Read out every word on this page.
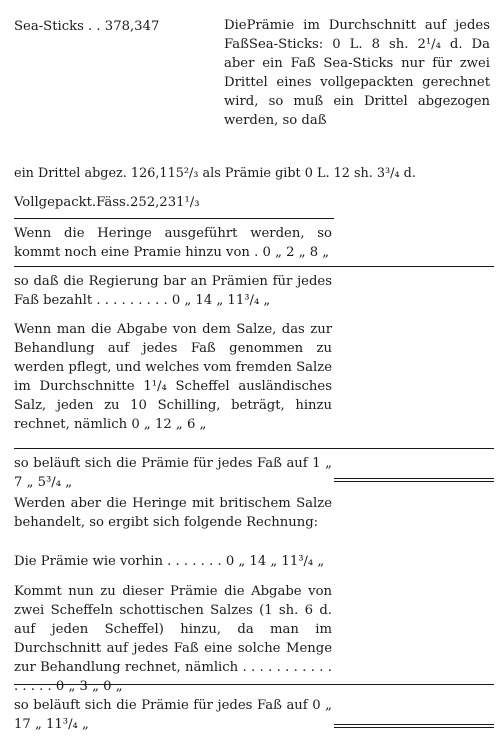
Sea-Sticks . . 378,347	DiePrämie im Durchschnitt auf jedes FaßSea-Sticks: 0 L. 8 sh. 2¹/₄ d. Da aber ein Faß Sea-Sticks nur für zwei Drittel eines vollgepackten gerechnet wird, so muß ein Drittel abgezogen werden, so daß
ein Drittel abgez. 126,115²/₃ als Prämie gibt 0 L. 12 sh. 3³/₄ d.
Vollgepackt.Fäss.252,231¹/₃
Wenn die Heringe ausgeführt werden, so kommt noch eine Pramie hinzu von . 0 „ 2 „ 8 „
so daß die Regierung bar an Prämien für jedes Faß bezahlt . . . . . . . . . 0 „ 14 „ 11³/₄ „
Wenn man die Abgabe von dem Salze, das zur Behandlung auf jedes Faß genommen zu werden pflegt, und welches vom fremden Salze im Durchschnitte 1¹/₄ Scheffel ausländisches Salz, jeden zu 10 Schilling, beträgt, hinzu rechnet, nämlich 0 „ 12 „ 6 „
so beläuft sich die Prämie für jedes Faß auf 1 „ 7 „ 5³/₄ „
Werden aber die Heringe mit britischem Salze behandelt, so ergibt sich folgende Rechnung:
Die Prämie wie vorhin . . . . . . . 0 „ 14 „ 11³/₄ „
Kommt nun zu dieser Prämie die Abgabe von zwei Scheffeln schottischen Salzes (1 sh. 6 d. auf jeden Scheffel) hinzu, da man im Durchschnitt auf jedes Faß eine solche Menge zur Behandlung rechnet, nämlich . . . . . . . . . . . . . . . . 0 „ 3 „ 0 „
so beläuft sich die Prämie für jedes Faß auf 0 „ 17 „ 11³/₄ „
